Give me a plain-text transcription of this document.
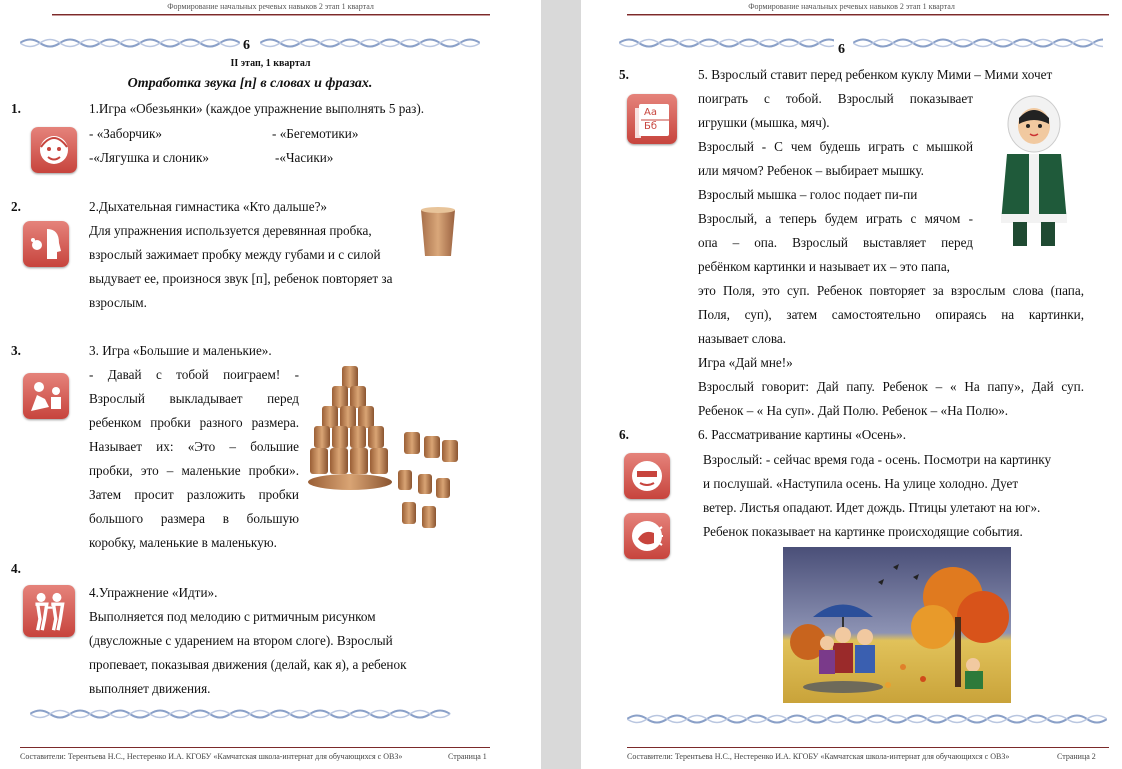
Формирование начальных речевых навыков 2 этап 1 квартал
6
II этап, 1 квартал
Отработка звука [п] в словах и фразах.
1.	1.Игра «Обезьянки» (каждое упражнение выполнять 5 раз).
- «Заборчик»	- «Бегемотики»
-«Лягушка и слоник»	-«Часики»
2.	2.Дыхательная гимнастика «Кто дальше?»
Для упражнения используется деревянная пробка,
взрослый зажимает пробку между губами и с силой
выдувает ее, произнося звук [п], ребенок повторяет за
взрослым.
3.	3. Игра «Большие и маленькие».
- Давай с тобой поиграем! -
Взрослый выкладывает перед
ребенком пробки разного размера.
Называет их: «Это – большие
пробки, это – маленькие пробки».
Затем просит разложить пробки
большого размера в большую
коробку, маленькие в маленькую.
4.
4.Упражнение «Идти».
Выполняется под мелодию с ритмичным рисунком
(двусложные с ударением на втором слоге). Взрослый
пропевает, показывая движения (делай, как я), а ребенок
выполняет движения.
Составители: Терентьева Н.С., Нестеренко И.А. КГОБУ «Камчатская школа-интернат для обучающихся с ОВЗ»	Страница 1
Формирование начальных речевых навыков 2 этап 1 квартал
6
5.
Аа Бб
5. Взрослый ставит перед ребенком куклу Мими – Мими хочет
поиграть с тобой. Взрослый показывает
игрушки (мышка, мяч).
Взрослый - С чем будешь играть с мышкой
или мячом? Ребенок – выбирает мышку.
Взрослый мышка – голос подает пи-пи
Взрослый, а теперь будем играть с мячом -
опа – опа. Взрослый выставляет перед
ребёнком картинки и называет их – это папа,
это Поля, это суп. Ребенок повторяет за взрослым слова (папа,
Поля, суп), затем самостоятельно опираясь на картинки,
называет слова.
Игра «Дай мне!»
Взрослый говорит: Дай папу. Ребенок – « На папу», Дай суп.
Ребенок – « На суп». Дай Полю. Ребенок – «На Полю».
6.	6. Рассматривание картины «Осень».
Взрослый: - сейчас время года - осень. Посмотри на картинку
и послушай. «Наступила осень. На улице холодно. Дует
ветер. Листья опадают. Идет дождь. Птицы улетают на юг».
Ребенок показывает на картинке происходящие события.
Составители: Терентьева Н.С., Нестеренко И.А. КГОБУ «Камчатская школа-интернат для обучающихся с ОВЗ»	Страница 2
